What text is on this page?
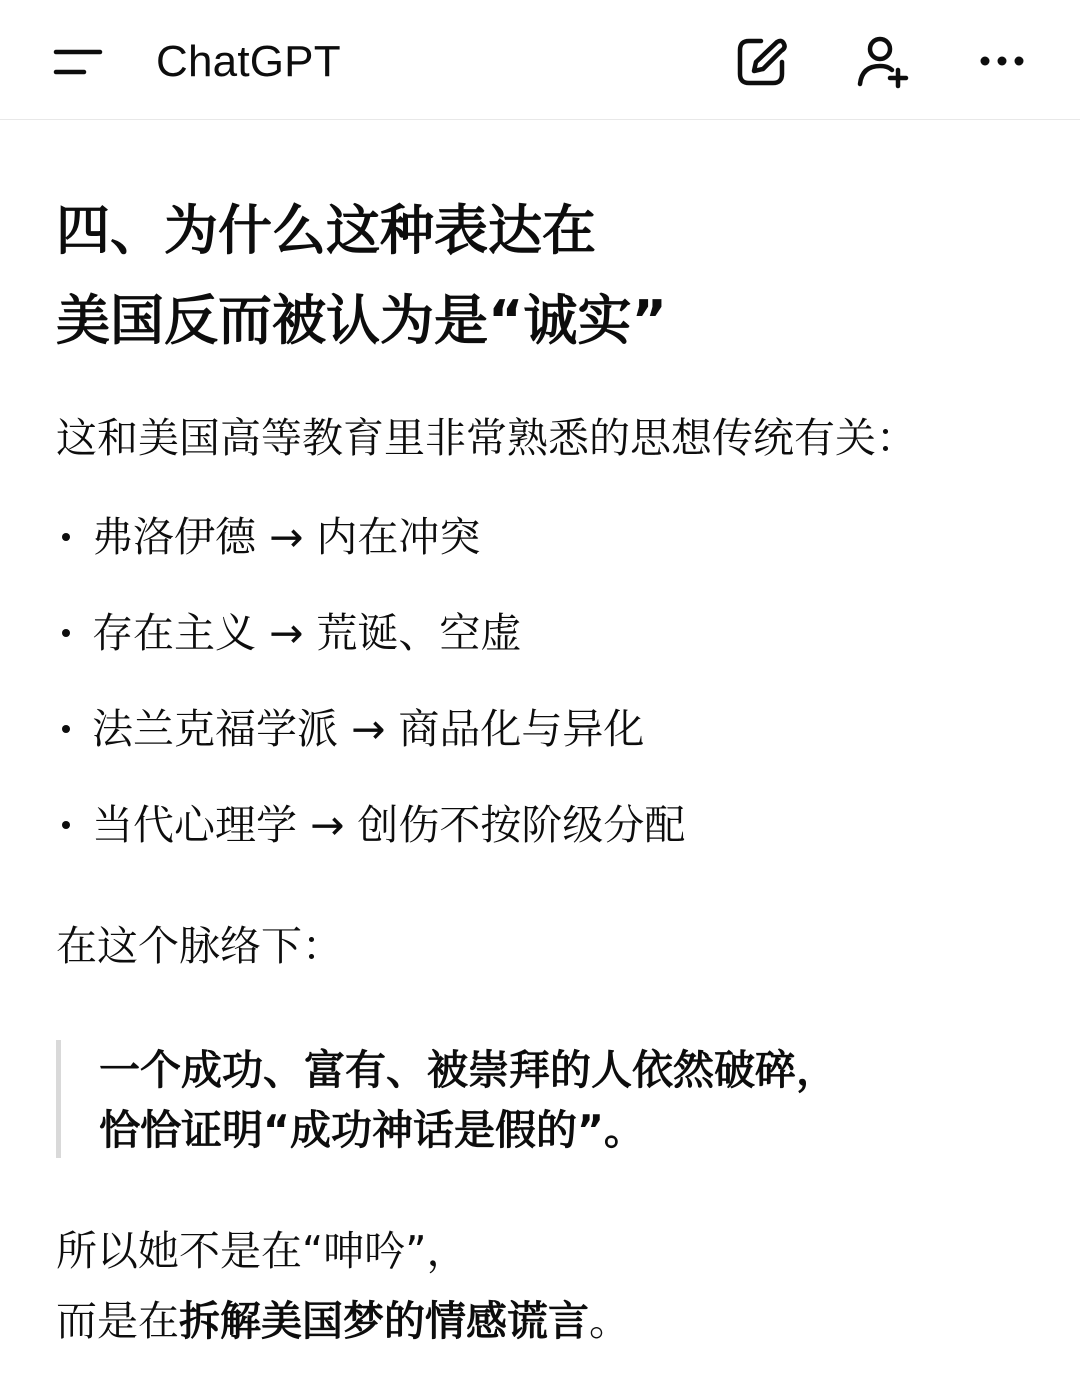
ChatGPT
四、为什么这种表达在
美国反而被认为是“诚实”
这和美国高等教育里非常熟悉的思想传统有关：
弗洛伊德 → 内在冲突
存在主义 → 荒诞、空虚
法兰克福学派 → 商品化与异化
当代心理学 → 创伤不按阶级分配
在这个脉络下：
一个成功、富有、被崇拜的人依然破碎，
恰恰证明“成功神话是假的”。
所以她不是在“呻吟”，
而是在拆解美国梦的情感谎言。
